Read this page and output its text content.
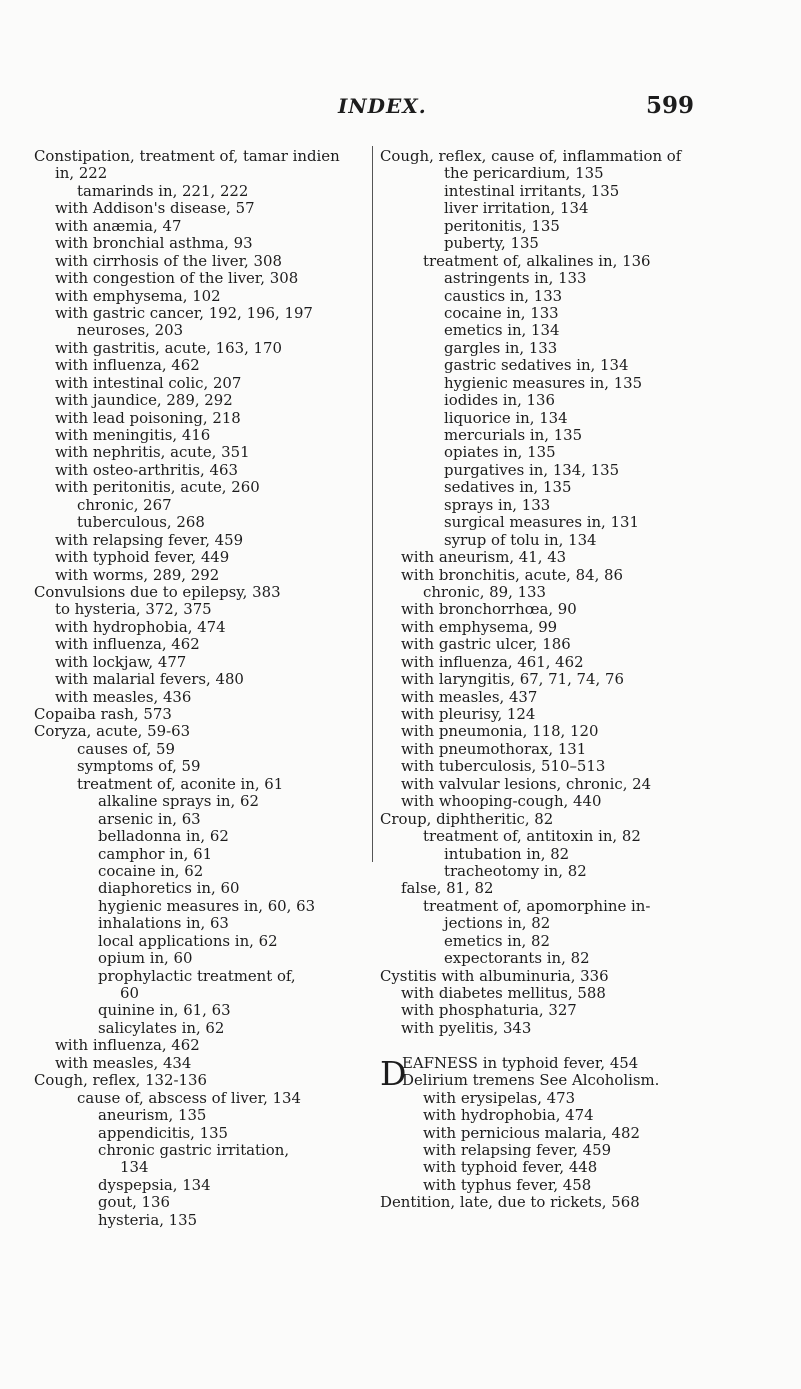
INDEX.	599
Constipation, treatment of, tamar indien
in, 222
tamarinds in, 221, 222
with Addison's disease, 57
with anæmia, 47
with bronchial asthma, 93
with cirrhosis of the liver, 308
with congestion of the liver, 308
with emphysema, 102
with gastric cancer, 192, 196, 197
neuroses, 203
with gastritis, acute, 163, 170
with influenza, 462
with intestinal colic, 207
with jaundice, 289, 292
with lead poisoning, 218
with meningitis, 416
with nephritis, acute, 351
with osteo-arthritis, 463
with peritonitis, acute, 260
chronic, 267
tuberculous, 268
with relapsing fever, 459
with typhoid fever, 449
with worms, 289, 292
Convulsions due to epilepsy, 383
to hysteria, 372, 375
with hydrophobia, 474
with influenza, 462
with lockjaw, 477
with malarial fevers, 480
with measles, 436
Copaiba rash, 573
Coryza, acute, 59-63
causes of, 59
symptoms of, 59
treatment of, aconite in, 61
alkaline sprays in, 62
arsenic in, 63
belladonna in, 62
camphor in, 61
cocaine in, 62
diaphoretics in, 60
hygienic measures in, 60, 63
inhalations in, 63
local applications in, 62
opium in, 60
prophylactic treatment of,
60
quinine in, 61, 63
salicylates in, 62
with influenza, 462
with measles, 434
Cough, reflex, 132-136
cause of, abscess of liver, 134
aneurism, 135
appendicitis, 135
chronic gastric irritation,
134
dyspepsia, 134
gout, 136
hysteria, 135
Cough, reflex, cause of, inflammation of
the pericardium, 135
intestinal irritants, 135
liver irritation, 134
peritonitis, 135
puberty, 135
treatment of, alkalines in, 136
astringents in, 133
caustics in, 133
cocaine in, 133
emetics in, 134
gargles in, 133
gastric sedatives in, 134
hygienic measures in, 135
iodides in, 136
liquorice in, 134
mercurials in, 135
opiates in, 135
purgatives in, 134, 135
sedatives in, 135
sprays in, 133
surgical measures in, 131
syrup of tolu in, 134
with aneurism, 41, 43
with bronchitis, acute, 84, 86
chronic, 89, 133
with bronchorrhœa, 90
with emphysema, 99
with gastric ulcer, 186
with influenza, 461, 462
with laryngitis, 67, 71, 74, 76
with measles, 437
with pleurisy, 124
with pneumonia, 118, 120
with pneumothorax, 131
with tuberculosis, 510–513
with valvular lesions, chronic, 24
with whooping-cough, 440
Croup, diphtheritic, 82
treatment of, antitoxin in, 82
intubation in, 82
tracheotomy in, 82
false, 81, 82
treatment of, apomorphine in-
jections in, 82
emetics in, 82
expectorants in, 82
Cystitis with albuminuria, 336
with diabetes mellitus, 588
with phosphaturia, 327
with pyelitis, 343
D
EAFNESS in typhoid fever, 454
Delirium tremens See Alcoholism.
with erysipelas, 473
with hydrophobia, 474
with pernicious malaria, 482
with relapsing fever, 459
with typhoid fever, 448
with typhus fever, 458
Dentition, late, due to rickets, 568
